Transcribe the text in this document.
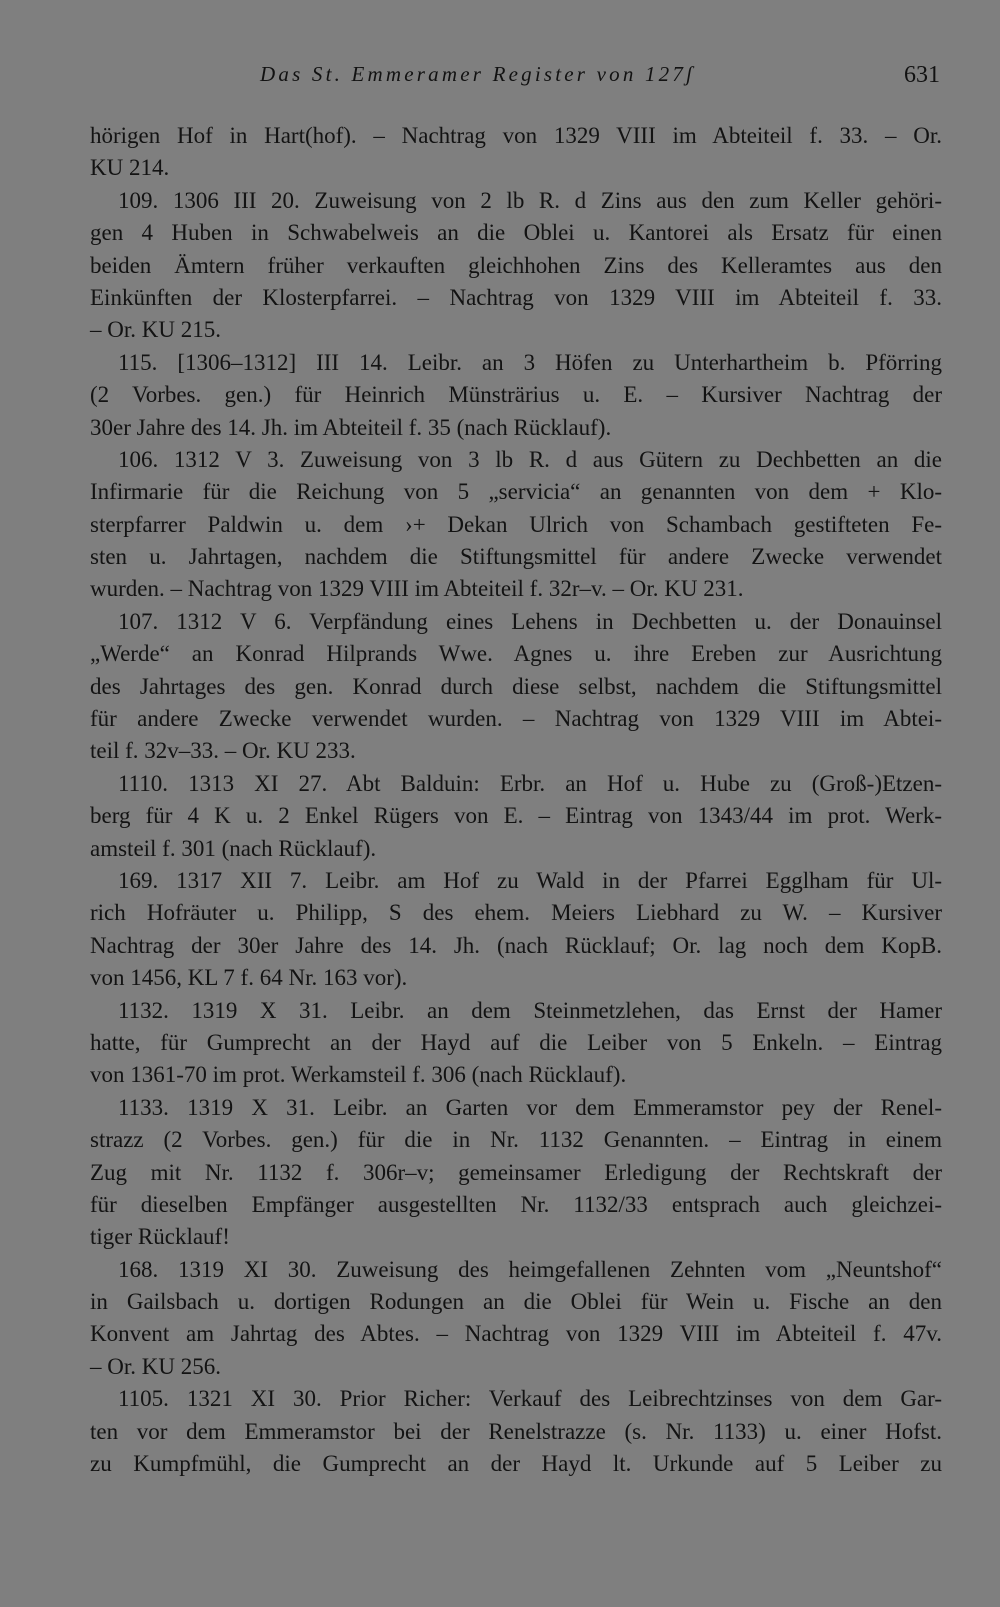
Das St. Emmeramer Register von 127ʃ	631

hörigen Hof in Hart(hof). – Nachtrag von 1329 VIII im Abteiteil f. 33. – Or.
KU 214.

109. 1306 III 20. Zuweisung von 2 lb R. d Zins aus den zum Keller gehöri-
gen 4 Huben in Schwabelweis an die Oblei u. Kantorei als Ersatz für einen
beiden Ämtern früher verkauften gleichhohen Zins des Kelleramtes aus den
Einkünften der Klosterpfarrei. – Nachtrag von 1329 VIII im Abteiteil f. 33.
– Or. KU 215.

115. [1306–1312] III 14. Leibr. an 3 Höfen zu Unterhartheim b. Pförring
(2 Vorbes. gen.) für Heinrich Münsträrius u. E. – Kursiver Nachtrag der
30er Jahre des 14. Jh. im Abteiteil f. 35 (nach Rücklauf).

106. 1312 V 3. Zuweisung von 3 lb R. d aus Gütern zu Dechbetten an die
Infirmarie für die Reichung von 5 „servicia“ an genannten von dem + Klo-
sterpfarrer Paldwin u. dem ›+ Dekan Ulrich von Schambach gestifteten Fe-
sten u. Jahrtagen, nachdem die Stiftungsmittel für andere Zwecke verwendet
wurden. – Nachtrag von 1329 VIII im Abteiteil f. 32r–v. – Or. KU 231.

107. 1312 V 6. Verpfändung eines Lehens in Dechbetten u. der Donauinsel
„Werde“ an Konrad Hilprands Wwe. Agnes u. ihre Ereben zur Ausrichtung
des Jahrtages des gen. Konrad durch diese selbst, nachdem die Stiftungsmittel
für andere Zwecke verwendet wurden. – Nachtrag von 1329 VIII im Abtei-
teil f. 32v–33. – Or. KU 233.

1110. 1313 XI 27. Abt Balduin: Erbr. an Hof u. Hube zu (Groß-)Etzen-
berg für 4 K u. 2 Enkel Rügers von E. – Eintrag von 1343/44 im prot. Werk-
amsteil f. 301 (nach Rücklauf).

169. 1317 XII 7. Leibr. am Hof zu Wald in der Pfarrei Egglham für Ul-
rich Hofräuter u. Philipp, S des ehem. Meiers Liebhard zu W. – Kursiver
Nachtrag der 30er Jahre des 14. Jh. (nach Rücklauf; Or. lag noch dem KopB.
von 1456, KL 7 f. 64 Nr. 163 vor).

1132. 1319 X 31. Leibr. an dem Steinmetzlehen, das Ernst der Hamer
hatte, für Gumprecht an der Hayd auf die Leiber von 5 Enkeln. – Eintrag
von 1361-70 im prot. Werkamsteil f. 306 (nach Rücklauf).

1133. 1319 X 31. Leibr. an Garten vor dem Emmeramstor pey der Renel-
strazz (2 Vorbes. gen.) für die in Nr. 1132 Genannten. – Eintrag in einem
Zug mit Nr. 1132 f. 306r–v; gemeinsamer Erledigung der Rechtskraft der
für dieselben Empfänger ausgestellten Nr. 1132/33 entsprach auch gleichzei-
tiger Rücklauf!

168. 1319 XI 30. Zuweisung des heimgefallenen Zehnten vom „Neuntshof“
in Gailsbach u. dortigen Rodungen an die Oblei für Wein u. Fische an den
Konvent am Jahrtag des Abtes. – Nachtrag von 1329 VIII im Abteiteil f. 47v.
– Or. KU 256.

1105. 1321 XI 30. Prior Richer: Verkauf des Leibrechtzinses von dem Gar-
ten vor dem Emmeramstor bei der Renelstrazze (s. Nr. 1133) u. einer Hofst.
zu Kumpfmühl, die Gumprecht an der Hayd lt. Urkunde auf 5 Leiber zu
